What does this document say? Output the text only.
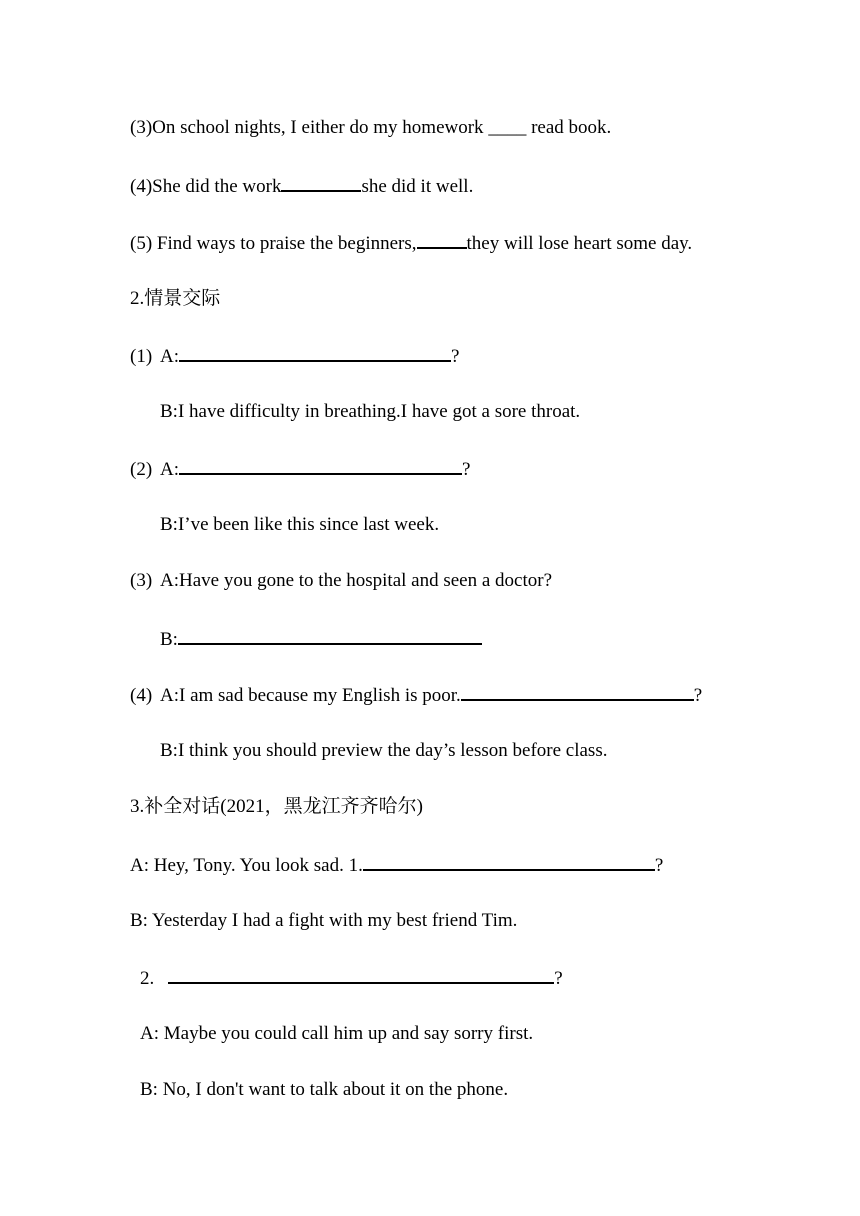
(3)On school nights, I either do my homework ____ read book.
(4)She did the work	she did it well.
(5) Find ways to praise the beginners,	they will lose heart some day.
2.情景交际
(1) A:	?
B:I have difficulty in breathing.I have got a sore throat.
(2) A:	?
B:I’ve been like this since last week.
(3) A:Have you gone to the hospital and seen a doctor?
B:
(4) A:I am sad because my English is poor.	?
B:I think you should preview the day’s lesson before class.
3.补全对话(2021，黑龙江齐齐哈尔)
A: Hey, Tony. You look sad. 1.	?
B: Yesterday I had a fight with my best friend Tim.
2.	?
A: Maybe you could call him up and say sorry first.
B: No, I don't want to talk about it on the phone.
